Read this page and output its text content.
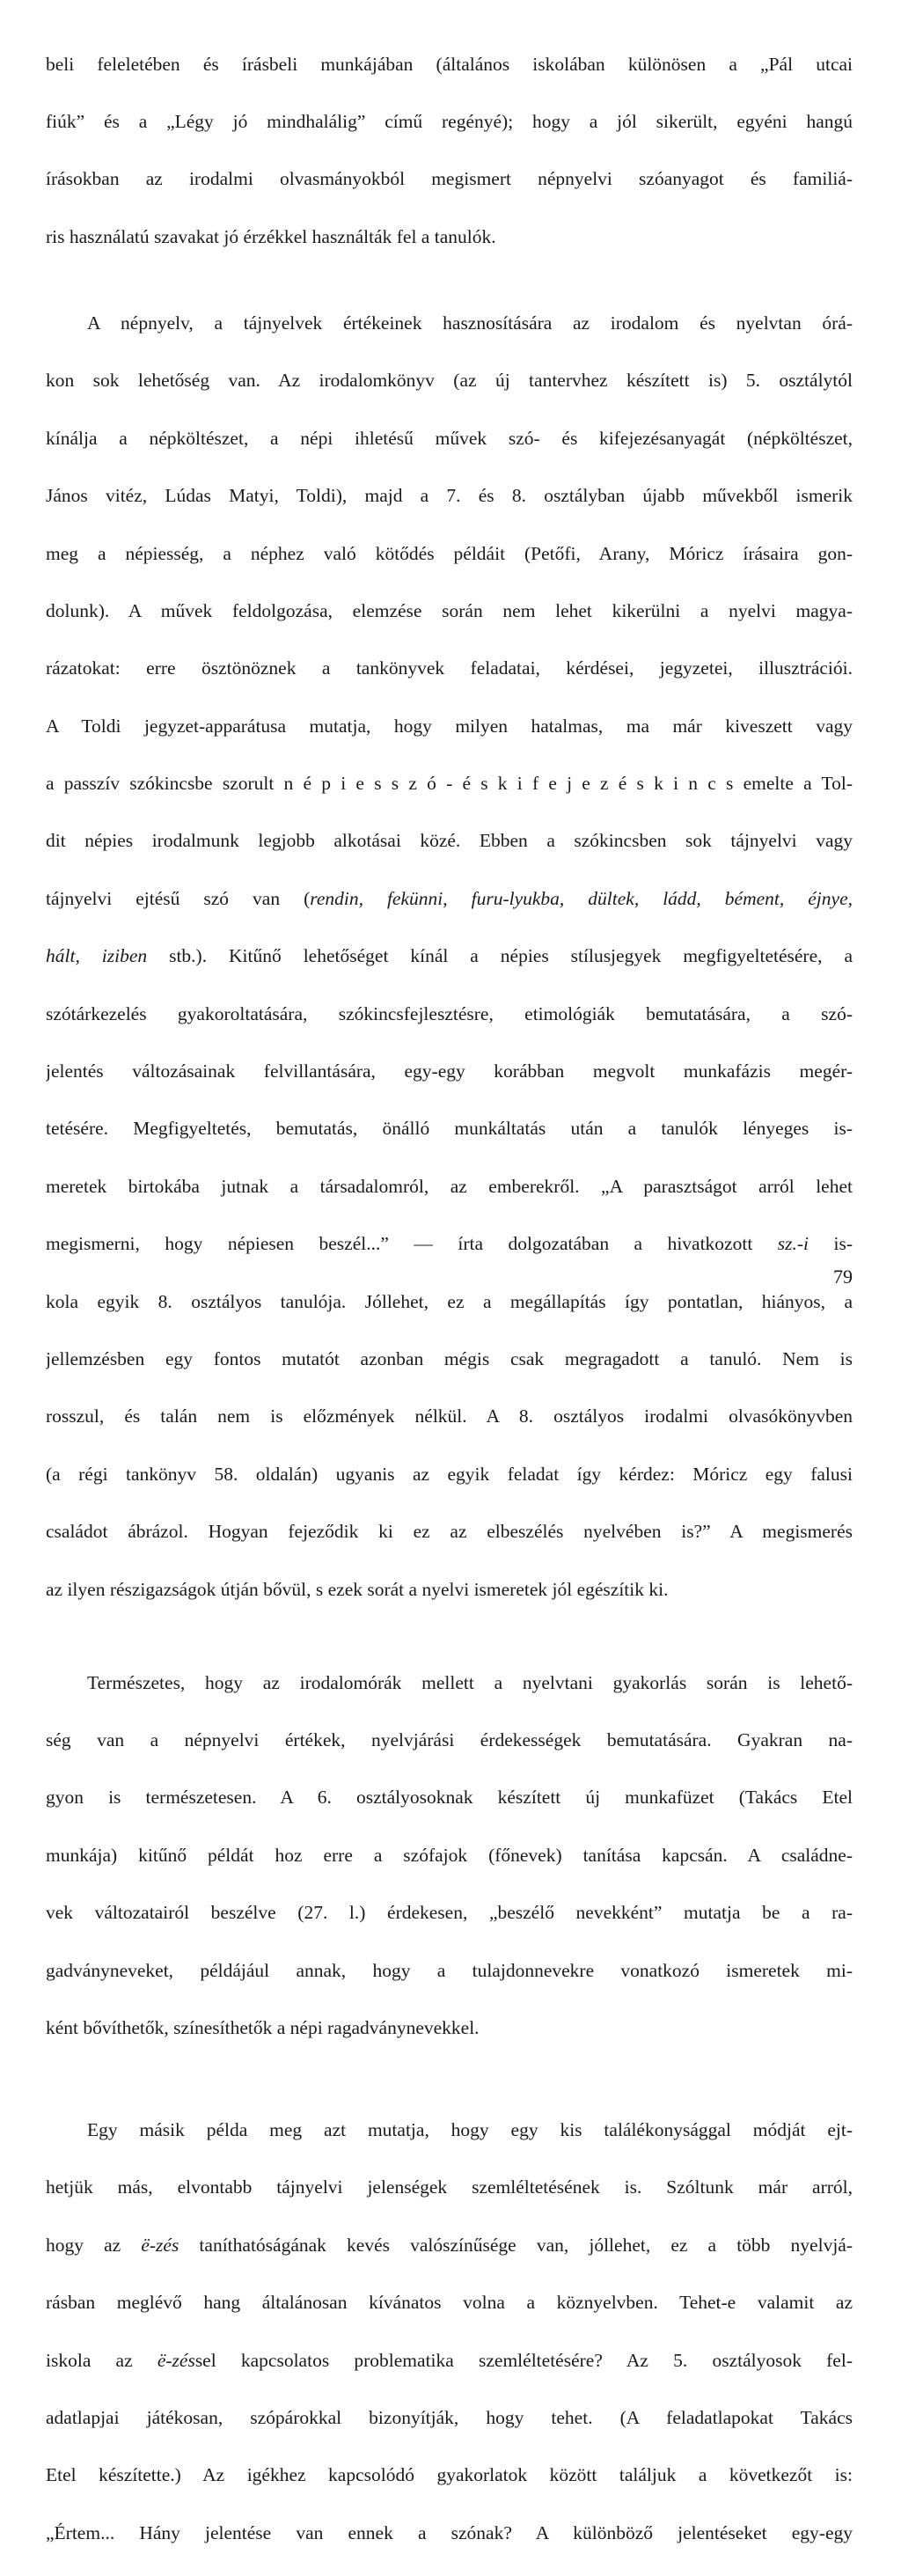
beli feleletében és írásbeli munkájában (általános iskolában különösen a „Pál utcai

fiúk” és a „Légy jó mindhalálig” című regényé); hogy a jól sikerült, egyéni hangú

írásokban az irodalmi olvasmányokból megismert népnyelvi szóanyagot és familiá-

ris használatú szavakat jó érzékkel használták fel a tanulók.

A népnyelv, a tájnyelvek értékeinek hasznosítására az irodalom és nyelvtan órá-

kon sok lehetőség van. Az irodalomkönyv (az új tantervhez készített is) 5. osztálytól

kínálja a népköltészet, a népi ihletésű művek szó- és kifejezésanyagát (népköltészet,

János vitéz, Lúdas Matyi, Toldi), majd a 7. és 8. osztályban újabb művekből ismerik

meg a népiesség, a néphez való kötődés példáit (Petőfi, Arany, Móricz írásaira gon-

dolunk). A művek feldolgozása, elemzése során nem lehet kikerülni a nyelvi magya-

rázatokat: erre ösztönöznek a tankönyvek feladatai, kérdései, jegyzetei, illusztrációi.

A Toldi jegyzet-apparátusa mutatja, hogy milyen hatalmas, ma már kiveszett vagy

a passzív szókincsbe szorult n é p i e s s z ó - é s k i f e j e z é s k i n c s emelte a Tol-

dit népies irodalmunk legjobb alkotásai közé. Ebben a szókincsben sok tájnyelvi vagy

tájnyelvi ejtésű szó van (rendin, fekünni, furu-lyukba, dültek, ládd, bément, éjnye,

hált, iziben stb.). Kitűnő lehetőséget kínál a népies stílusjegyek megfigyeltetésére, a

szótárkezelés gyakoroltatására, szókincsfejlesztésre, etimológiák bemutatására, a szó-

jelentés változásainak felvillantására, egy-egy korábban megvolt munkafázis megér-

tetésére. Megfigyeltetés, bemutatás, önálló munkáltatás után a tanulók lényeges is-

meretek birtokába jutnak a társadalomról, az emberekről. „A parasztságot arról lehet

megismerni, hogy népiesen beszél...” — írta dolgozatában a hivatkozott sz.-i is-

kola egyik 8. osztályos tanulója. Jóllehet, ez a megállapítás így pontatlan, hiányos, a

jellemzésben egy fontos mutatót azonban mégis csak megragadott a tanuló. Nem is

rosszul, és talán nem is előzmények nélkül. A 8. osztályos irodalmi olvasókönyvben

(a régi tankönyv 58. oldalán) ugyanis az egyik feladat így kérdez: Móricz egy falusi

családot ábrázol. Hogyan fejeződik ki ez az elbeszélés nyelvében is?” A megismerés

az ilyen részigazságok útján bővül, s ezek sorát a nyelvi ismeretek jól egészítik ki.

Természetes, hogy az irodalomórák mellett a nyelvtani gyakorlás során is lehető-

ség van a népnyelvi értékek, nyelvjárási érdekességek bemutatására. Gyakran na-

gyon is természetesen. A 6. osztályosoknak készített új munkafüzet (Takács Etel

munkája) kitűnő példát hoz erre a szófajok (főnevek) tanítása kapcsán. A családne-

vek változatairól beszélve (27. l.) érdekesen, „beszélő nevekként” mutatja be a ra-

gadványneveket, példájául annak, hogy a tulajdonnevekre vonatkozó ismeretek mi-

ként bővíthetők, színesíthetők a népi ragadványnevekkel.

Egy másik példa meg azt mutatja, hogy egy kis találékonysággal módját ejt-

hetjük más, elvontabb tájnyelvi jelenségek szemléltetésének is. Szóltunk már arról,

hogy az ë-zés taníthatóságának kevés valószínűsége van, jóllehet, ez a több nyelvjá-

rásban meglévő hang általánosan kívánatos volna a köznyelvben. Tehet-e valamit az

iskola az ë-zéssel kapcsolatos problematika szemléltetésére? Az 5. osztályosok fel-

adatlapjai játékosan, szópárokkal bizonyítják, hogy tehet. (A feladatlapokat Takács

Etel készítette.) Az igékhez kapcsolódó gyakorlatok között találjuk a következőt is:

„Értem... Hány jelentése van ennek a szónak? A különböző jelentéseket egy-egy

79
